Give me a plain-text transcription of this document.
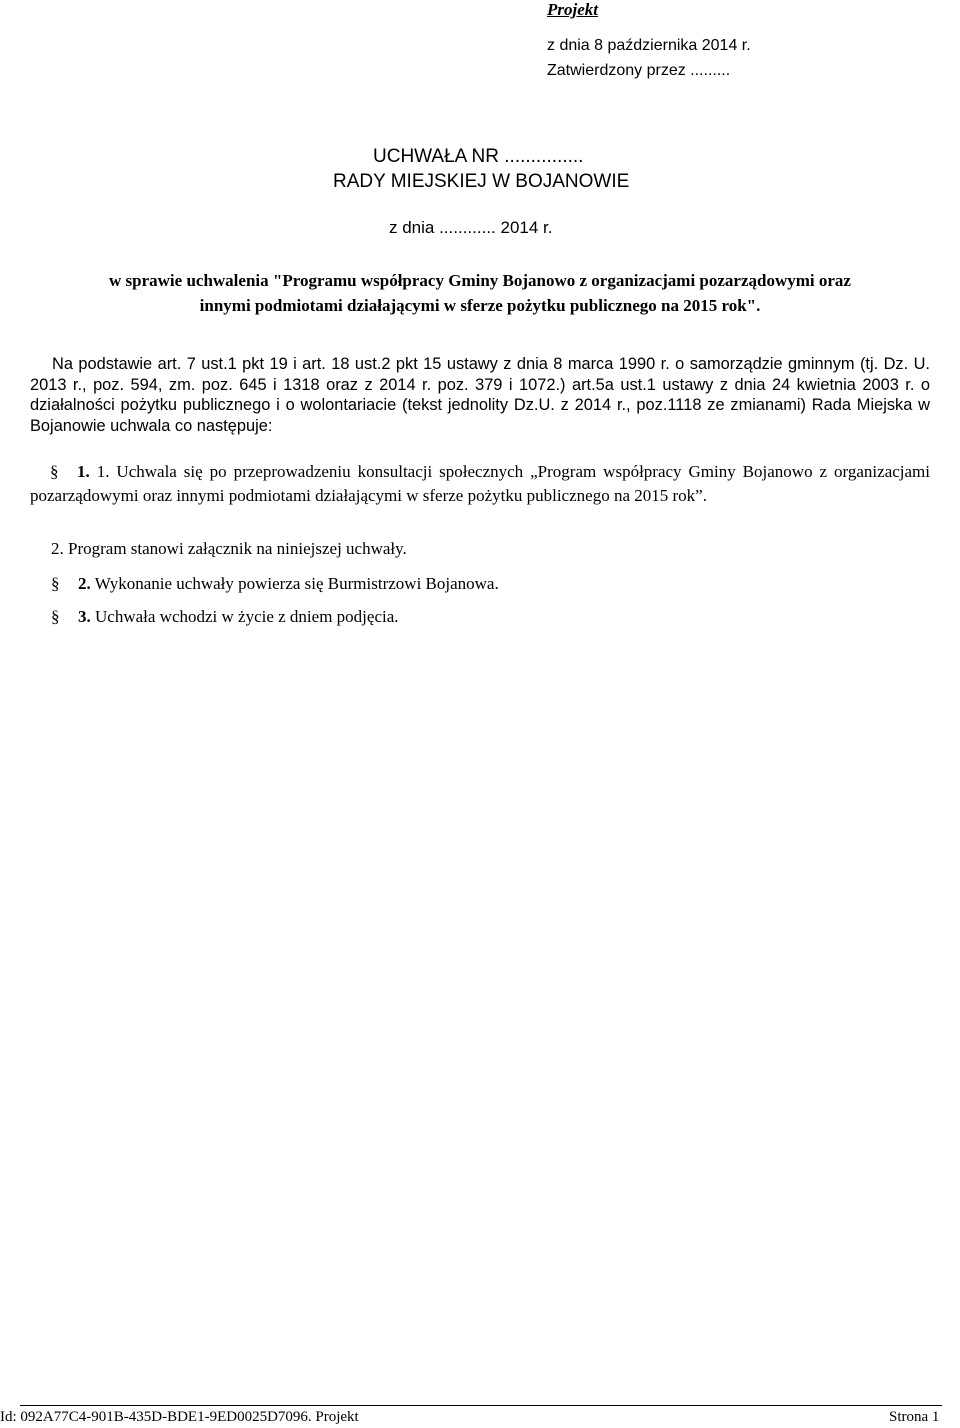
Projekt
z dnia 8 października 2014 r.
Zatwierdzony przez .........
UCHWAŁA NR ...............
RADY MIEJSKIEJ W BOJANOWIE
z dnia ............ 2014 r.
w sprawie uchwalenia "Programu współpracy Gminy Bojanowo z organizacjami pozarządowymi oraz
innymi podmiotami działającymi w sferze pożytku publicznego na 2015 rok".
Na podstawie art. 7 ust.1 pkt 19 i art. 18 ust.2 pkt 15 ustawy z dnia 8 marca 1990 r. o samorządzie gminnym (tj. Dz. U. 2013 r., poz. 594, zm. poz. 645 i 1318 oraz z 2014 r. poz. 379 i 1072.) art.5a ust.1 ustawy z dnia 24 kwietnia 2003 r. o działalności pożytku publicznego i o wolontariacie (tekst jednolity Dz.U. z 2014 r., poz.1118 ze zmianami) Rada Miejska w Bojanowie uchwala co następuje:
§ 1. 1. Uchwala się po przeprowadzeniu konsultacji społecznych „Program współpracy Gminy Bojanowo z organizacjami pozarządowymi oraz innymi podmiotami działającymi w sferze pożytku publicznego na 2015 rok”.
2. Program stanowi załącznik na niniejszej uchwały.
§ 2. Wykonanie uchwały powierza się Burmistrzowi Bojanowa.
§ 3. Uchwała wchodzi w życie z dniem podjęcia.
Id: 092A77C4-901B-435D-BDE1-9ED0025D7096. Projekt	Strona 1
